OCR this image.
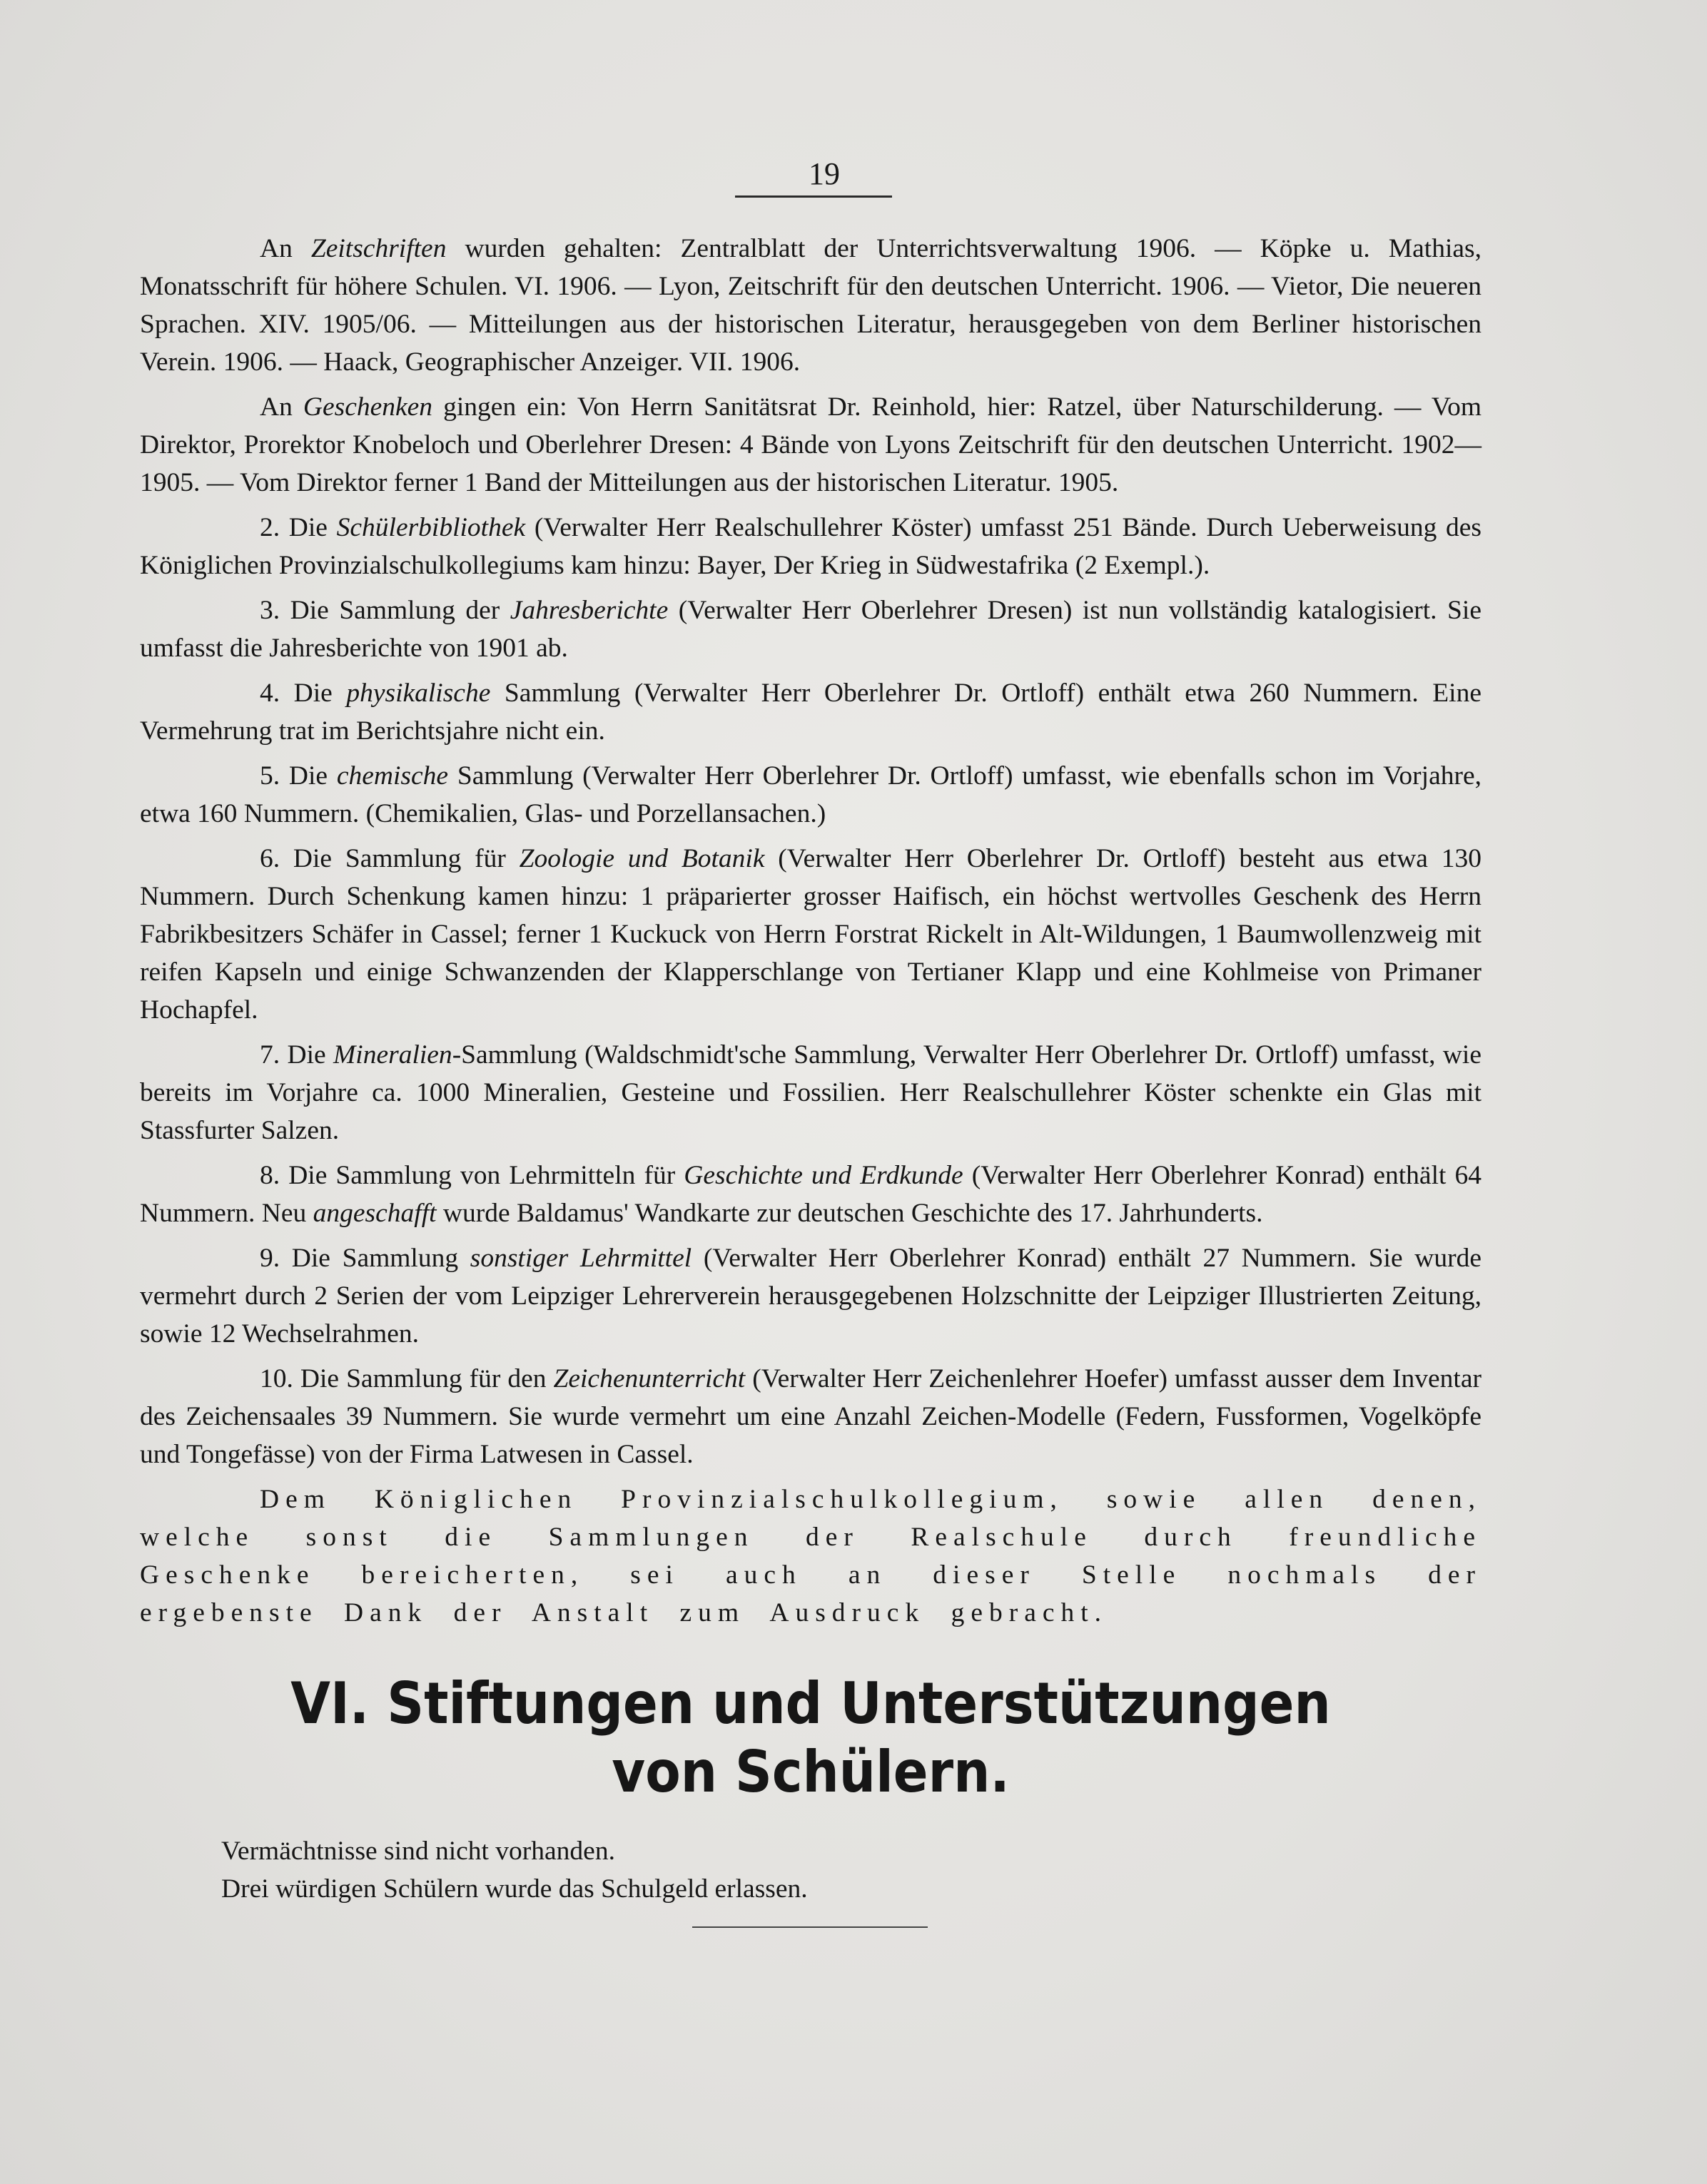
19

An Zeitschriften wurden gehalten: Zentralblatt der Unterrichtsverwaltung 1906. — Köpke u. Mathias, Monatsschrift für höhere Schulen. VI. 1906. — Lyon, Zeitschrift für den deutschen Unterricht. 1906. — Vietor, Die neueren Sprachen. XIV. 1905/06. — Mitteilungen aus der historischen Literatur, herausgegeben von dem Berliner historischen Verein. 1906. — Haack, Geographischer Anzeiger. VII. 1906.

An Geschenken gingen ein: Von Herrn Sanitätsrat Dr. Reinhold, hier: Ratzel, über Naturschilderung. — Vom Direktor, Prorektor Knobeloch und Oberlehrer Dresen: 4 Bände von Lyons Zeitschrift für den deutschen Unterricht. 1902—1905. — Vom Direktor ferner 1 Band der Mitteilungen aus der historischen Literatur. 1905.

2. Die Schülerbibliothek (Verwalter Herr Realschullehrer Köster) umfasst 251 Bände. Durch Ueberweisung des Königlichen Provinzialschulkollegiums kam hinzu: Bayer, Der Krieg in Südwestafrika (2 Exempl.).

3. Die Sammlung der Jahresberichte (Verwalter Herr Oberlehrer Dresen) ist nun vollständig katalogisiert. Sie umfasst die Jahresberichte von 1901 ab.

4. Die physikalische Sammlung (Verwalter Herr Oberlehrer Dr. Ortloff) enthält etwa 260 Nummern. Eine Vermehrung trat im Berichtsjahre nicht ein.

5. Die chemische Sammlung (Verwalter Herr Oberlehrer Dr. Ortloff) umfasst, wie ebenfalls schon im Vorjahre, etwa 160 Nummern. (Chemikalien, Glas- und Porzellansachen.)

6. Die Sammlung für Zoologie und Botanik (Verwalter Herr Oberlehrer Dr. Ortloff) besteht aus etwa 130 Nummern. Durch Schenkung kamen hinzu: 1 präparierter grosser Haifisch, ein höchst wertvolles Geschenk des Herrn Fabrikbesitzers Schäfer in Cassel; ferner 1 Kuckuck von Herrn Forstrat Rickelt in Alt-Wildungen, 1 Baumwollenzweig mit reifen Kapseln und einige Schwanzenden der Klapperschlange von Tertianer Klapp und eine Kohlmeise von Primaner Hochapfel.

7. Die Mineralien-Sammlung (Waldschmidt'sche Sammlung, Verwalter Herr Oberlehrer Dr. Ortloff) umfasst, wie bereits im Vorjahre ca. 1000 Mineralien, Gesteine und Fossilien. Herr Realschullehrer Köster schenkte ein Glas mit Stassfurter Salzen.

8. Die Sammlung von Lehrmitteln für Geschichte und Erdkunde (Verwalter Herr Oberlehrer Konrad) enthält 64 Nummern. Neu angeschafft wurde Baldamus' Wandkarte zur deutschen Geschichte des 17. Jahrhunderts.

9. Die Sammlung sonstiger Lehrmittel (Verwalter Herr Oberlehrer Konrad) enthält 27 Nummern. Sie wurde vermehrt durch 2 Serien der vom Leipziger Lehrerverein herausgegebenen Holzschnitte der Leipziger Illustrierten Zeitung, sowie 12 Wechselrahmen.

10. Die Sammlung für den Zeichenunterricht (Verwalter Herr Zeichenlehrer Hoefer) umfasst ausser dem Inventar des Zeichensaales 39 Nummern. Sie wurde vermehrt um eine Anzahl Zeichen-Modelle (Federn, Fussformen, Vogelköpfe und Tongefässe) von der Firma Latwesen in Cassel.

Dem Königlichen Provinzialschulkollegium, sowie allen denen, welche sonst die Sammlungen der Realschule durch freundliche Geschenke bereicherten, sei auch an dieser Stelle nochmals der ergebenste Dank der Anstalt zum Ausdruck gebracht.

VI. Stiftungen und Unterstützungen
von Schülern.
Vermächtnisse sind nicht vorhanden.
Drei würdigen Schülern wurde das Schulgeld erlassen.
